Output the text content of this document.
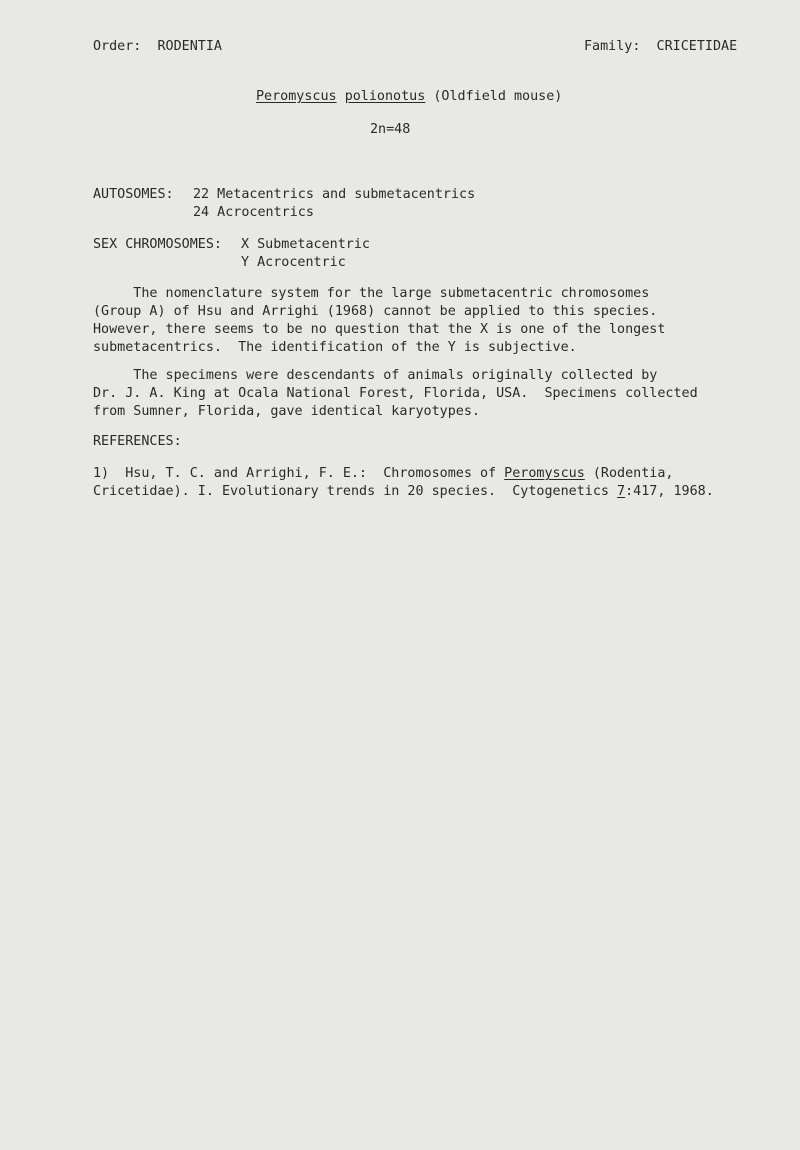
Order:  RODENTIA	Family:  CRICETIDAE
Peromyscus polionotus (Oldfield mouse)
2n=48
AUTOSOMES: 22 Metacentrics and submetacentrics
24 Acrocentrics
SEX CHROMOSOMES: X Submetacentric
Y Acrocentric
The nomenclature system for the large submetacentric chromosomes
(Group A) of Hsu and Arrighi (1968) cannot be applied to this species.
However, there seems to be no question that the X is one of the longest
submetacentrics.  The identification of the Y is subjective.
The specimens were descendants of animals originally collected by
Dr. J. A. King at Ocala National Forest, Florida, USA.  Specimens collected
from Sumner, Florida, gave identical karyotypes.
REFERENCES:
1)  Hsu, T. C. and Arrighi, F. E.:  Chromosomes of Peromyscus (Rodentia,
Cricetidae). I. Evolutionary trends in 20 species.  Cytogenetics 7:417, 1968.
